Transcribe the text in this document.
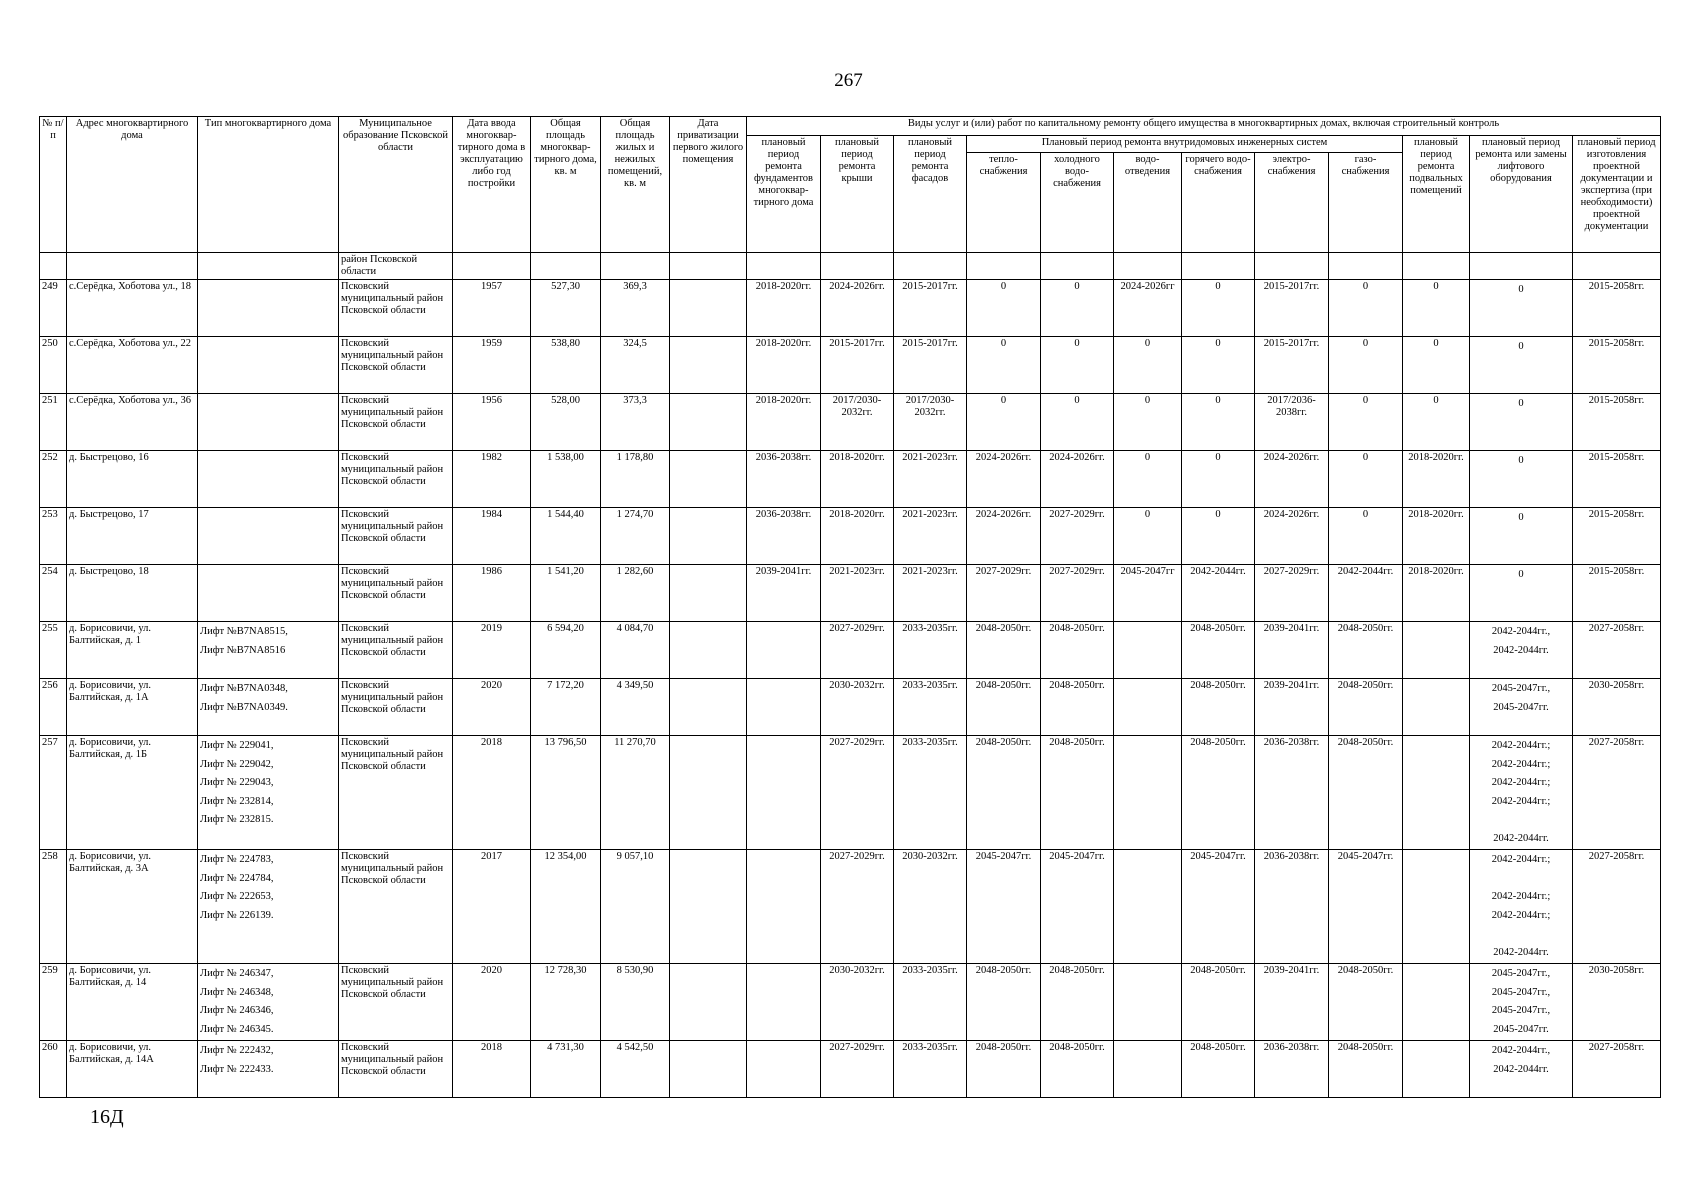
267
№ п/п	Адрес многоквартирного дома	Тип многоквартирного дома	Муниципальное образование Псковской области	Дата ввода многоквар-тирного дома в эксплуатацию либо год постройки	Общая площадь многоквар-тирного дома, кв. м	Общая площадь жилых и нежилых помещений, кв. м	Дата приватизации первого жилого помещения	Виды услуг и (или) работ по капитальному ремонту общего имущества в многоквартирных домах, включая строительный контроль											
								плановый период ремонта фундаментов многоквар-тирного дома	плановый период ремонта крыши	плановый период ремонта фасадов	Плановый период ремонта внутридомовых инженерных систем						плановый период ремонта подвальных помещений	плановый период ремонта или замены лифтового оборудования	плановый период изготовления проектной документации и экспертиза (при необходимости) проектной документации
											тепло-снабжения	холодного водо-снабжения	водо-отведения	горячего водо-снабжения	электро-снабжения	газо-снабжения			
			район Псковской области																
249	с.Серёдка, Хоботова ул., 18		Псковский муниципальный район Псковской области	1957	527,30	369,3		2018-2020гг.	2024-2026гг.	2015-2017гг.	0	0	2024-2026гг	0	2015-2017гг.	0	0	0	2015-2058гг.
250	с.Серёдка, Хоботова ул., 22		Псковский муниципальный район Псковской области	1959	538,80	324,5		2018-2020гг.	2015-2017гг.	2015-2017гг.	0	0	0	0	2015-2017гг.	0	0	0	2015-2058гг.
251	с.Серёдка, Хоботова ул., 36		Псковский муниципальный район Псковской области	1956	528,00	373,3		2018-2020гг.	2017/2030-2032гг.	2017/2030-2032гг.	0	0	0	0	2017/2036-2038гг.	0	0	0	2015-2058гг.
252	д. Быстрецово, 16		Псковский муниципальный район Псковской области	1982	1 538,00	1 178,80		2036-2038гг.	2018-2020гг.	2021-2023гг.	2024-2026гг.	2024-2026гг.	0	0	2024-2026гг.	0	2018-2020гг.	0	2015-2058гг.
253	д. Быстрецово, 17		Псковский муниципальный район Псковской области	1984	1 544,40	1 274,70		2036-2038гг.	2018-2020гг.	2021-2023гг.	2024-2026гг.	2027-2029гг.	0	0	2024-2026гг.	0	2018-2020гг.	0	2015-2058гг.
254	д. Быстрецово, 18		Псковский муниципальный район Псковской области	1986	1 541,20	1 282,60		2039-2041гг.	2021-2023гг.	2021-2023гг.	2027-2029гг.	2027-2029гг.	2045-2047гг	2042-2044гг.	2027-2029гг.	2042-2044гг.	2018-2020гг.	0	2015-2058гг.
255	д. Борисовичи, ул. Балтийская, д. 1	Лифт №B7NA8515,
Лифт №B7NA8516	Псковский муниципальный район Псковской области	2019	6 594,20	4 084,70			2027-2029гг.	2033-2035гг.	2048-2050гг.	2048-2050гг.		2048-2050гг.	2039-2041гг.	2048-2050гг.		2042-2044гг.,
2042-2044гг.	2027-2058гг.
256	д. Борисовичи, ул. Балтийская, д. 1А	Лифт №B7NA0348,
Лифт №B7NA0349.	Псковский муниципальный район Псковской области	2020	7 172,20	4 349,50			2030-2032гг.	2033-2035гг.	2048-2050гг.	2048-2050гг.		2048-2050гг.	2039-2041гг.	2048-2050гг.		2045-2047гг.,
2045-2047гг.	2030-2058гг.
257	д. Борисовичи, ул. Балтийская, д. 1Б	Лифт № 229041,
Лифт № 229042,
Лифт № 229043,
Лифт № 232814,
Лифт № 232815.	Псковский муниципальный район Псковской области	2018	13 796,50	11 270,70			2027-2029гг.	2033-2035гг.	2048-2050гг.	2048-2050гг.		2048-2050гг.	2036-2038гг.	2048-2050гг.		2042-2044гг.;
2042-2044гг.;
2042-2044гг.;
2042-2044гг.;

2042-2044гг.	2027-2058гг.
258	д. Борисовичи, ул. Балтийская, д. 3А	Лифт № 224783,
Лифт № 224784,
Лифт № 222653,
Лифт № 226139.	Псковский муниципальный район Псковской области	2017	12 354,00	9 057,10			2027-2029гг.	2030-2032гг.	2045-2047гг.	2045-2047гг.		2045-2047гг.	2036-2038гг.	2045-2047гг.		2042-2044гг.;

2042-2044гг.;
2042-2044гг.;

2042-2044гг.	2027-2058гг.
259	д. Борисовичи, ул. Балтийская, д. 14	Лифт № 246347,
Лифт № 246348,
Лифт № 246346,
Лифт № 246345.	Псковский муниципальный район Псковской области	2020	12 728,30	8 530,90			2030-2032гг.	2033-2035гг.	2048-2050гг.	2048-2050гг.		2048-2050гг.	2039-2041гг.	2048-2050гг.		2045-2047гг.,
2045-2047гг.,
2045-2047гг.,
2045-2047гг.	2030-2058гг.
260	д. Борисовичи, ул. Балтийская, д. 14А	Лифт № 222432,
Лифт № 222433.	Псковский муниципальный район Псковской области	2018	4 731,30	4 542,50			2027-2029гг.	2033-2035гг.	2048-2050гг.	2048-2050гг.		2048-2050гг.	2036-2038гг.	2048-2050гг.		2042-2044гг.,
2042-2044гг.	2027-2058гг.
16Д
